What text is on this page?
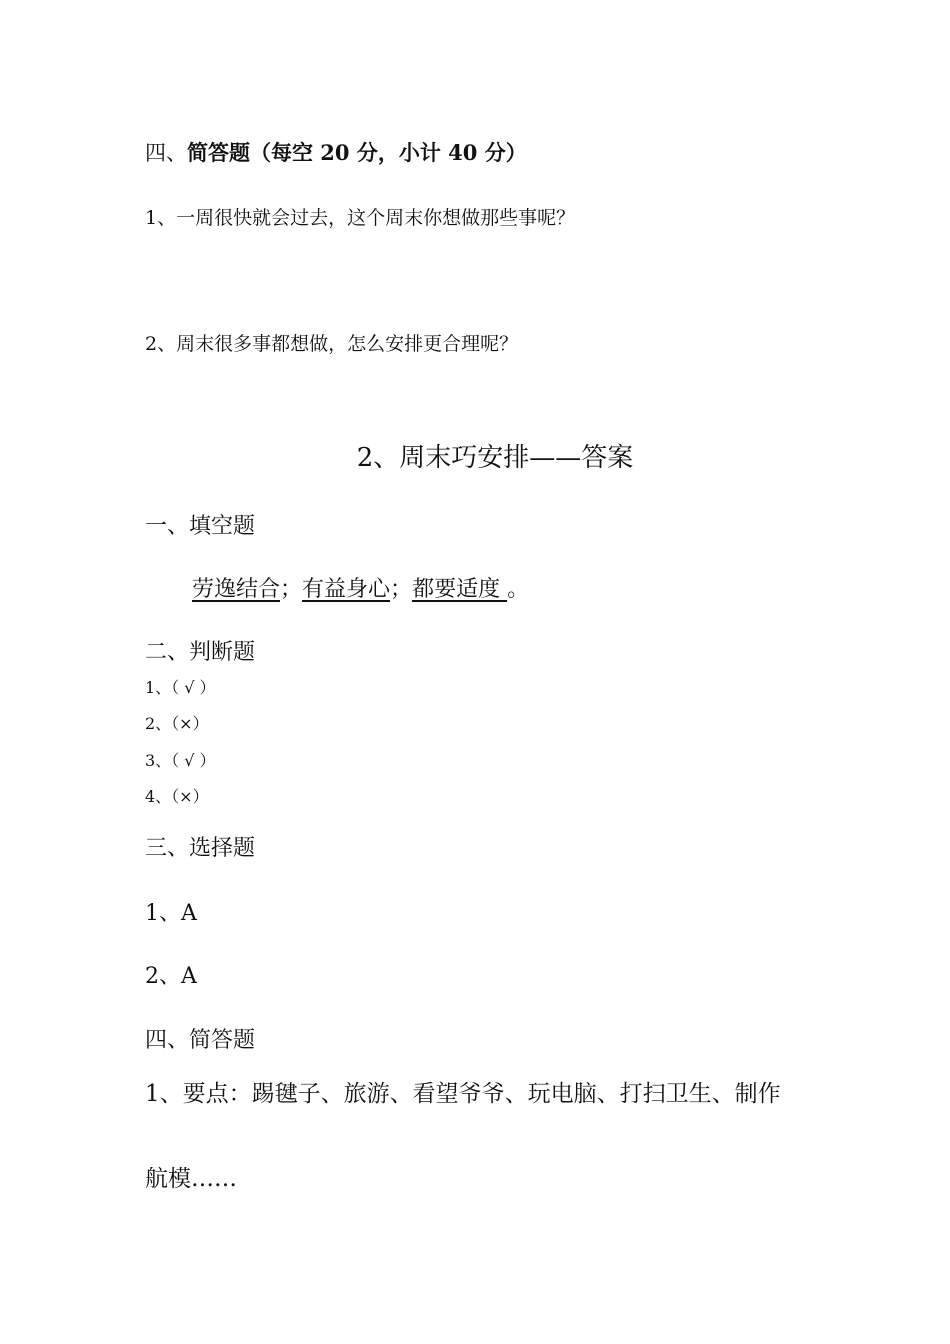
四、简答题（每空 20 分，小计 40 分）
1、一周很快就会过去，这个周末你想做那些事呢？
2、周末很多事都想做，怎么安排更合理呢？
2、周末巧安排——答案
一、填空题
劳逸结合；有益身心；都要适度 。
二、判断题
1、（ √ ）
2、（×）
3、（ √ ）
4、（×）
三、选择题
1、A
2、A
四、简答题
1、要点：踢毽子、旅游、看望爷爷、玩电脑、打扫卫生、制作
航模……
